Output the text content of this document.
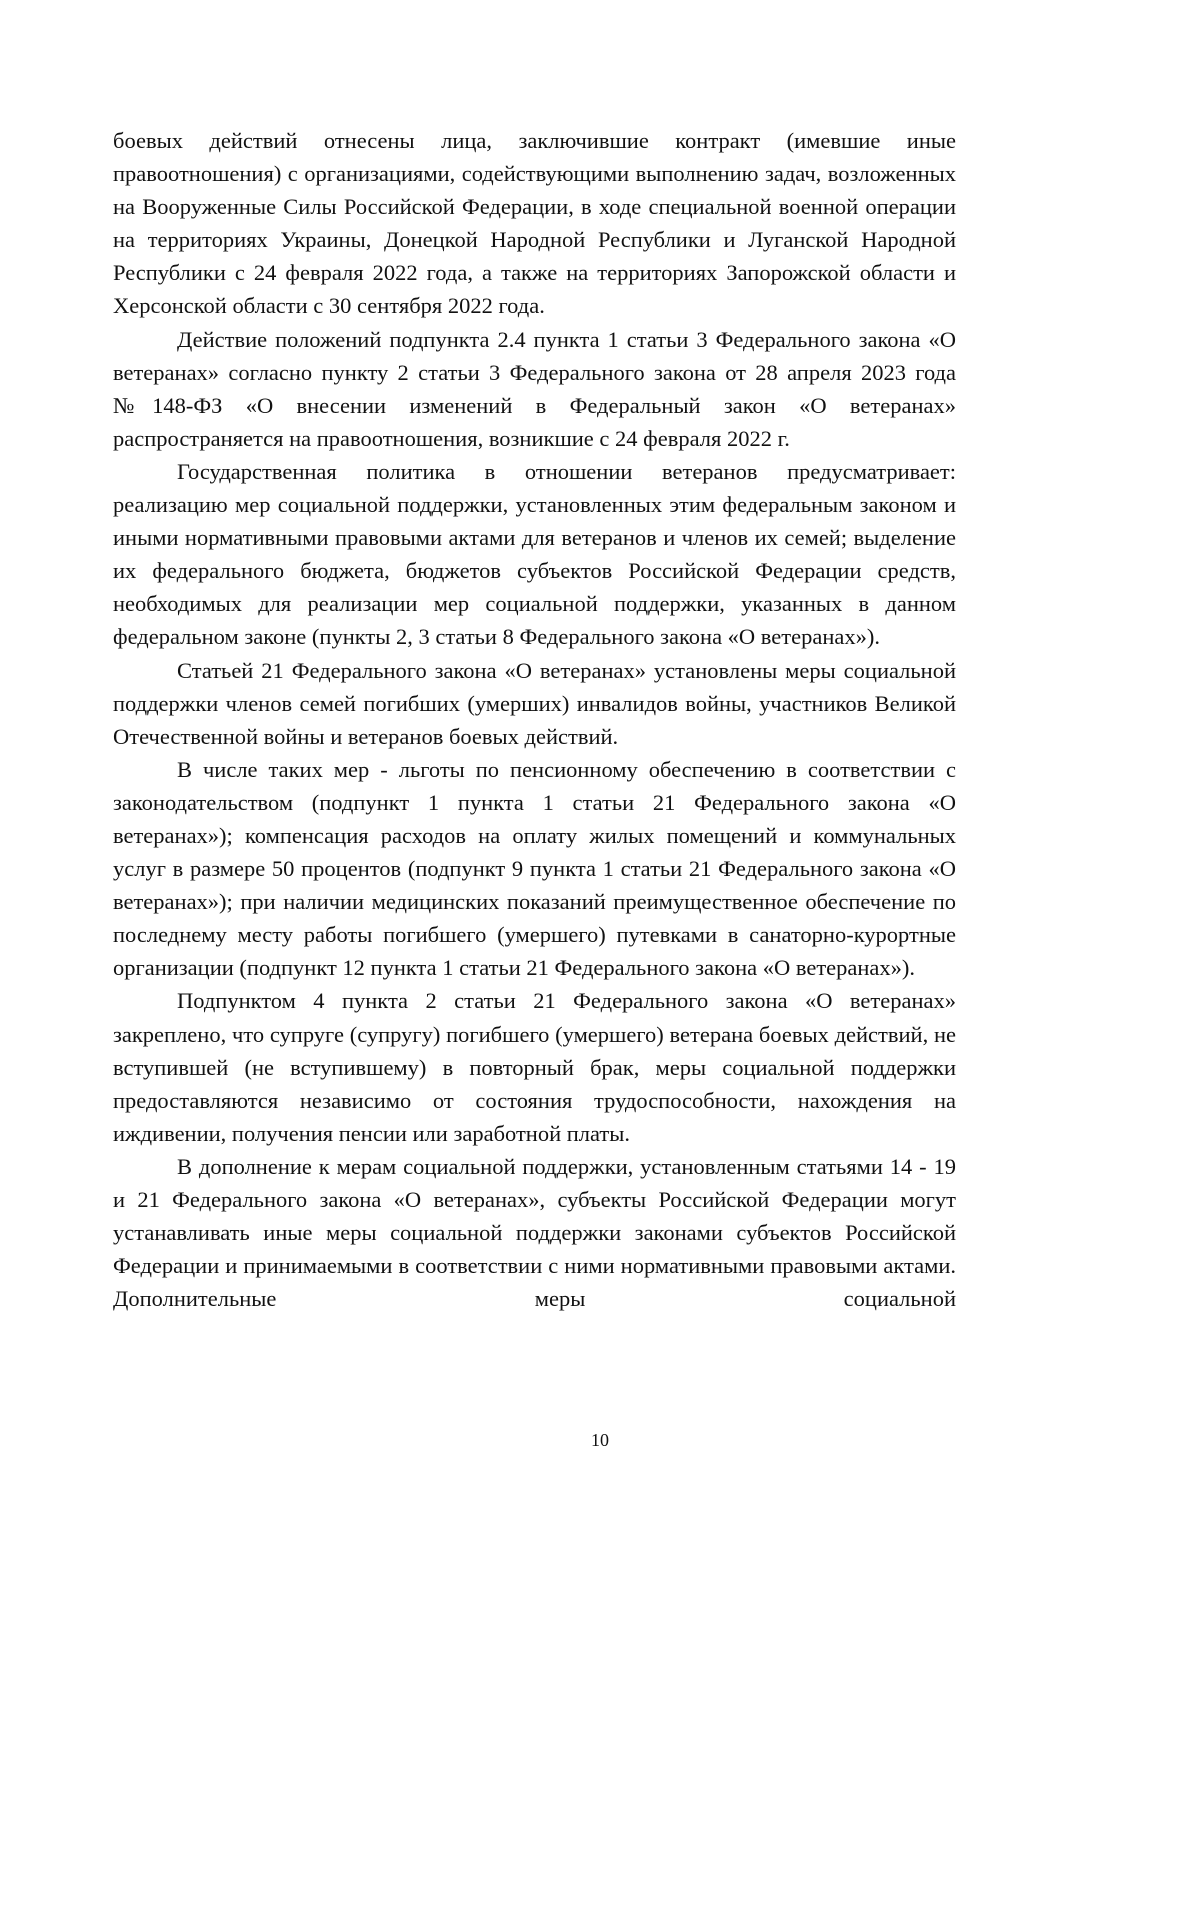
боевых действий отнесены лица, заключившие контракт (имевшие иные правоотношения) с организациями, содействующими выполнению задач, возложенных на Вооруженные Силы Российской Федерации, в ходе специальной военной операции на территориях Украины, Донецкой Народной Республики и Луганской Народной Республики с 24 февраля 2022 года, а также на территориях Запорожской области и Херсонской области с 30 сентября 2022 года.

Действие положений подпункта 2.4 пункта 1 статьи 3 Федерального закона «О ветеранах» согласно пункту 2 статьи 3 Федерального закона от 28 апреля 2023 года №148-ФЗ «О внесении изменений в Федеральный закон «О ветеранах» распространяется на правоотношения, возникшие с 24 февраля 2022 г.

Государственная политика в отношении ветеранов предусматривает: реализацию мер социальной поддержки, установленных этим федеральным законом и иными нормативными правовыми актами для ветеранов и членов их семей; выделение их федерального бюджета, бюджетов субъектов Российской Федерации средств, необходимых для реализации мер социальной поддержки, указанных в данном федеральном законе (пункты 2, 3 статьи 8 Федерального закона «О ветеранах»).

Статьей 21 Федерального закона «О ветеранах» установлены меры социальной поддержки членов семей погибших (умерших) инвалидов войны, участников Великой Отечественной войны и ветеранов боевых действий.

В числе таких мер - льготы по пенсионному обеспечению в соответствии с законодательством (подпункт 1 пункта 1 статьи 21 Федерального закона «О ветеранах»); компенсация расходов на оплату жилых помещений и коммунальных услуг в размере 50 процентов (подпункт 9 пункта 1 статьи 21 Федерального закона «О ветеранах»); при наличии медицинских показаний преимущественное обеспечение по последнему месту работы погибшего (умершего) путевками в санаторно-курортные организации (подпункт 12 пункта 1 статьи 21 Федерального закона «О ветеранах»).

Подпунктом 4 пункта 2 статьи 21 Федерального закона «О ветеранах» закреплено, что супруге (супругу) погибшего (умершего) ветерана боевых действий, не вступившей (не вступившему) в повторный брак, меры социальной поддержки предоставляются независимо от состояния трудоспособности, нахождения на иждивении, получения пенсии или заработной платы.

В дополнение к мерам социальной поддержки, установленным статьями 14 - 19 и 21 Федерального закона «О ветеранах», субъекты Российской Федерации могут устанавливать иные меры социальной поддержки законами субъектов Российской Федерации и принимаемыми в соответствии с ними нормативными правовыми актами. Дополнительные меры социальной

10
